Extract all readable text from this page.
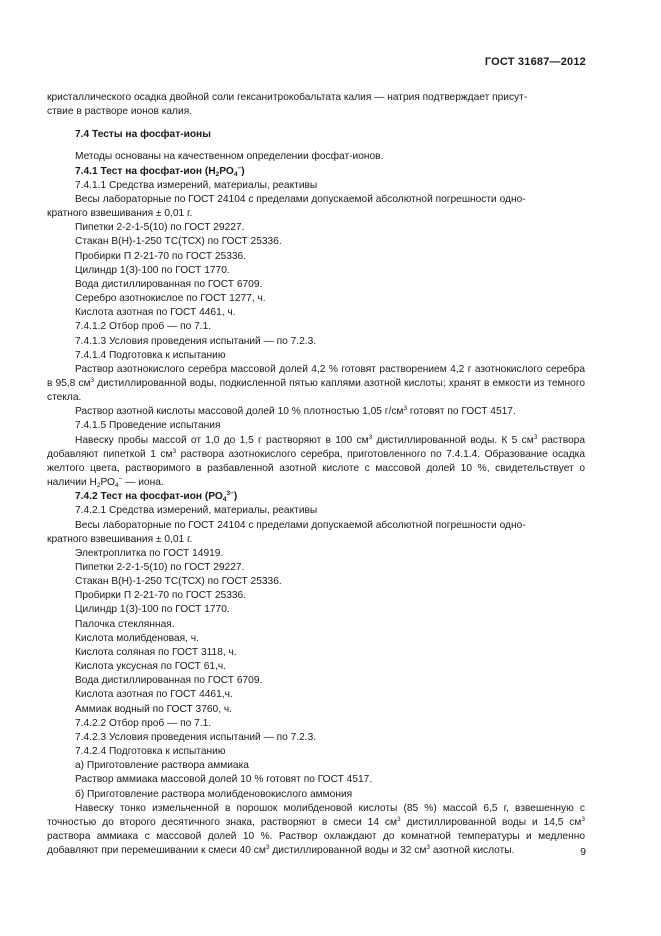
ГОСТ 31687—2012

кристаллического осадка двойной соли гексанитрокобальтата калия — натрия подтверждает присут-

ствие в растворе ионов калия.

7.4 Тесты на фосфат-ионы

Методы основаны на качественном определении фосфат-ионов.

7.4.1 Тест на фосфат-ион $(Н_2РО_4^-)$

7.4.1.1 Средства измерений, материалы, реактивы

Весы лабораторные по ГОСТ 24104 с пределами допускаемой абсолютной погрешности одно-

кратного взвешивания ± 0,01 г.

Пипетки 2-2-1-5(10) по ГОСТ 29227.

Стакан В(Н)-1-250 ТС(ТСХ) по ГОСТ 25336.

Пробирки П 2-21-70 по ГОСТ 25336.

Цилиндр 1(3)-100 по ГОСТ 1770.

Вода дистиллированная по ГОСТ 6709.

Серебро азотнокислое по ГОСТ 1277, ч.

Кислота азотная по ГОСТ 4461, ч.

7.4.1.2 Отбор проб — по 7.1.

7.4.1.3 Условия проведения испытаний — по 7.2.3.

7.4.1.4 Подготовка к испытанию

Раствор азотнокислого серебра массовой долей 4,2 % готовят растворением 4,2 г азотнокислого серебра в 95,8 $см^3$ дистиллированной воды, подкисленной пятью каплями азотной кислоты; хранят в емкости из темного стекла.

Раствор азотной кислоты массовой долей 10 % плотностью 1,05 $г/см^3$ готовят по ГОСТ 4517.

7.4.1.5 Проведение испытания

Навеску пробы массой от 1,0 до 1,5 г растворяют в 100 $см^3$ дистиллированной воды. К 5 $см^3$ раствора добавляют пипеткой 1 $см^3$ раствора азотнокислого серебра, приготовленного по 7.4.1.4. Образование осадка желтого цвета, растворимого в разбавленной азотной кислоте с массовой долей 10 %, свидетельствует о наличии $Н_2РО_4^-$ — иона.

7.4.2 Тест на фосфат-ион $(РО_4^{3-})$

7.4.2.1 Средства измерений, материалы, реактивы

Весы лабораторные по ГОСТ 24104 с пределами допускаемой абсолютной погрешности одно-

кратного взвешивания ± 0,01 г.

Электроплитка по ГОСТ 14919.

Пипетки 2-2-1-5(10) по ГОСТ 29227.

Стакан В(Н)-1-250 ТС(ТСХ) по ГОСТ 25336.

Пробирки П 2-21-70 по ГОСТ 25336.

Цилиндр 1(3)-100 по ГОСТ 1770.

Палочка стеклянная.

Кислота молибденовая, ч.

Кислота соляная по ГОСТ 3118, ч.

Кислота уксусная по ГОСТ 61,ч.

Вода дистиллированная по ГОСТ 6709.

Кислота азотная по ГОСТ 4461,ч.

Аммиак водный по ГОСТ 3760, ч.

7.4.2.2 Отбор проб — по 7.1.

7.4.2.3 Условия проведения испытаний — по 7.2.3.

7.4.2.4 Подготовка к испытанию

а) Приготовление раствора аммиака

Раствор аммиака массовой долей 10 % готовят по ГОСТ 4517.

б) Приготовление раствора молибденовокислого аммония

Навеску тонко измельченной в порошок молибденовой кислоты (85 %) массой 6,5 г, взвешенную с точностью до второго десятичного знака, растворяют в смеси 14 $см^3$ дистиллированной воды и 14,5 $см^3$ раствора аммиака с массовой долей 10 %. Раствор охлаждают до комнатной температуры и медленно добавляют при перемешивании к смеси 40 $см^3$ дистиллированной воды и 32 $см^3$ азотной кислоты.	9
